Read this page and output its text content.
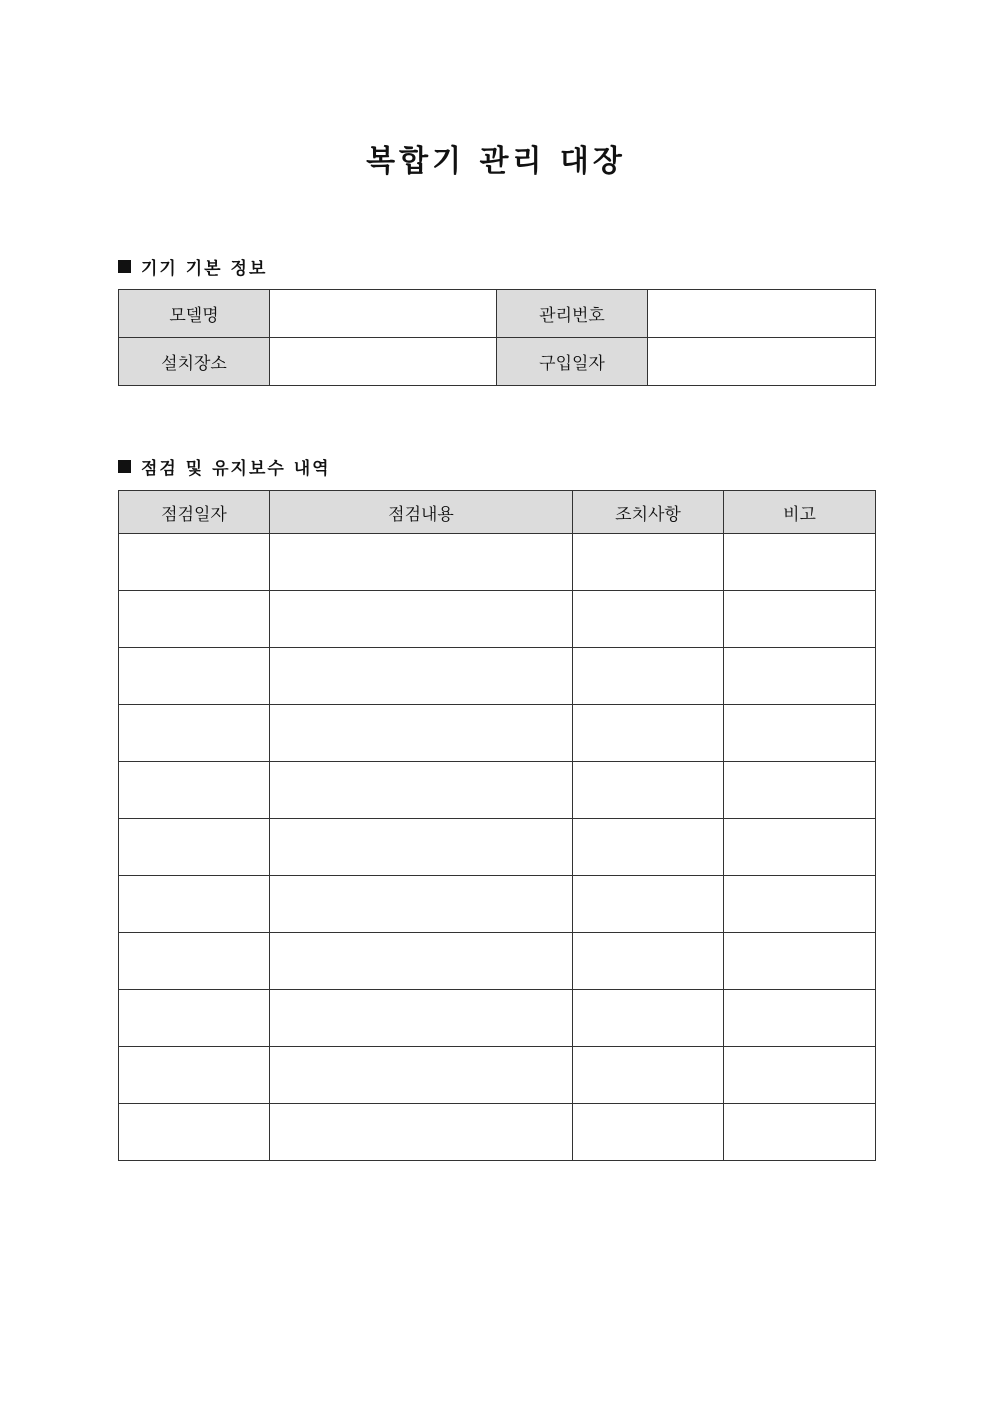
복합기 관리 대장
기기 기본 정보
모델명		관리번호	
설치장소		구입일자	
점검 및 유지보수 내역
점검일자	점검내용	조치사항	비고
